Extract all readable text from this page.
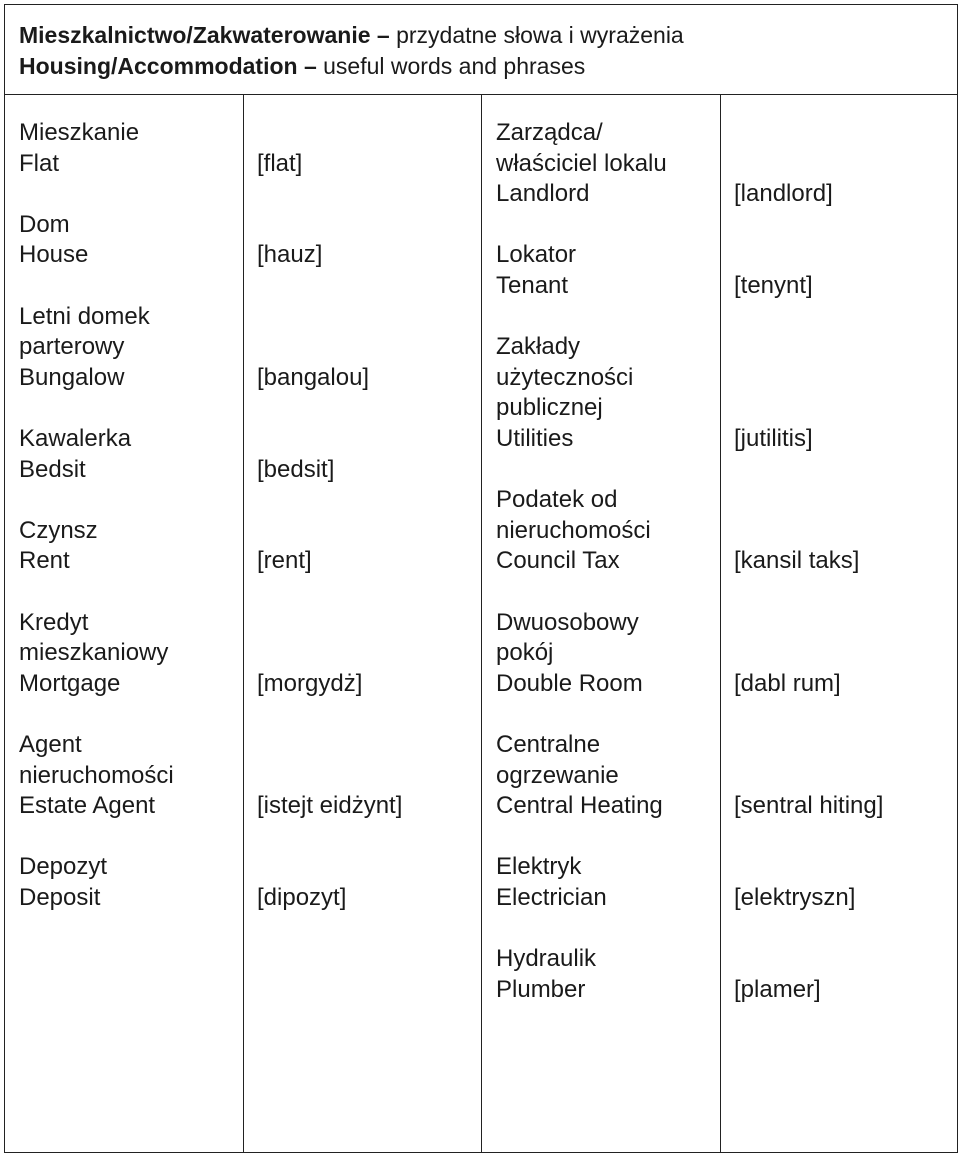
Mieszkalnictwo/Zakwaterowanie – przydatne słowa i wyrażenia
Housing/Accommodation – useful words and phrases
Mieszkanie
Flat	[flat]
Dom
House	[hauz]
Letni domek
parterowy
Bungalow	[bangalou]
Kawalerka
Bedsit	[bedsit]
Czynsz
Rent	[rent]
Kredyt
mieszkaniowy
Mortgage	[morgydż]
Agent
nieruchomości
Estate Agent	[istejt eidżynt]
Depozyt
Deposit	[dipozyt]
Zarządca/
właściciel lokalu
Landlord	[landlord]
Lokator
Tenant	[tenynt]
Zakłady
użyteczności
publicznej
Utilities	[jutilitis]
Podatek od
nieruchomości
Council Tax	[kansil taks]
Dwuosobowy
pokój
Double Room	[dabl rum]
Centralne
ogrzewanie
Central Heating	[sentral hiting]
Elektryk
Electrician	[elektryszn]
Hydraulik
Plumber	[plamer]
